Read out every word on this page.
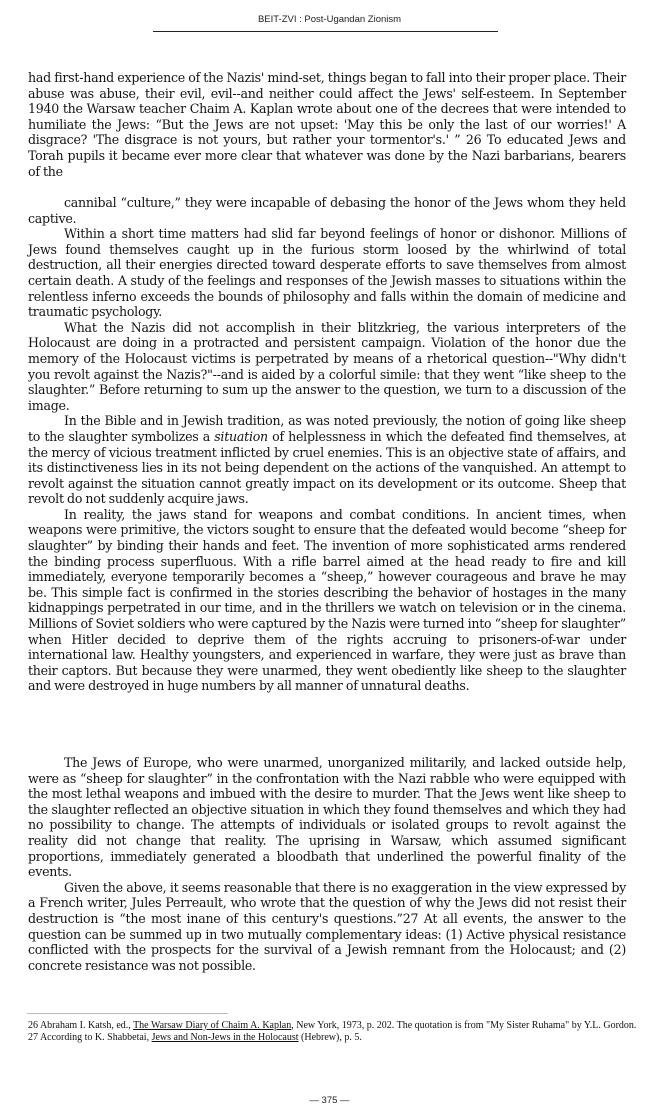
BEIT-ZVI : Post-Ugandan Zionism

had first-hand experience of the Nazis' mind-set, things began to fall into their proper place. Their abuse was abuse, their evil, evil--and neither could affect the Jews' self-esteem. In September 1940 the Warsaw teacher Chaim A. Kaplan wrote about one of the decrees that were intended to humiliate the Jews: “But the Jews are not upset: 'May this be only the last of our worries!' A disgrace? 'The disgrace is not yours, but rather your tormentor's.' ” 26 To educated Jews and Torah pupils it became ever more clear that whatever was done by the Nazi barbarians, bearers of the

cannibal “culture,” they were incapable of debasing the honor of the Jews whom they held captive.

Within a short time matters had slid far beyond feelings of honor or dishonor. Millions of Jews found themselves caught up in the furious storm loosed by the whirlwind of total destruction, all their energies directed toward desperate efforts to save themselves from almost certain death. A study of the feelings and responses of the Jewish masses to situations within the relentless inferno exceeds the bounds of philosophy and falls within the domain of medicine and traumatic psychology.

What the Nazis did not accomplish in their blitzkrieg, the various interpreters of the Holocaust are doing in a protracted and persistent campaign. Violation of the honor due the memory of the Holocaust victims is perpetrated by means of a rhetorical question--"Why didn't you revolt against the Nazis?"--and is aided by a colorful simile: that they went “like sheep to the slaughter.” Before returning to sum up the answer to the question, we turn to a discussion of the image.

In the Bible and in Jewish tradition, as was noted previously, the notion of going like sheep to the slaughter symbolizes a situation of helplessness in which the defeated find themselves, at the mercy of vicious treatment inflicted by cruel enemies. This is an objective state of affairs, and its distinctiveness lies in its not being dependent on the actions of the vanquished. An attempt to revolt against the situation cannot greatly impact on its development or its outcome. Sheep that revolt do not suddenly acquire jaws.

In reality, the jaws stand for weapons and combat conditions. In ancient times, when weapons were primitive, the victors sought to ensure that the defeated would become “sheep for slaughter” by binding their hands and feet. The invention of more sophisticated arms rendered the binding process superfluous. With a rifle barrel aimed at the head ready to fire and kill immediately, everyone temporarily becomes a “sheep,” however courageous and brave he may be. This simple fact is confirmed in the stories describing the behavior of hostages in the many kidnappings perpetrated in our time, and in the thrillers we watch on television or in the cinema. Millions of Soviet soldiers who were captured by the Nazis were turned into “sheep for slaughter” when Hitler decided to deprive them of the rights accruing to prisoners-of-war under international law. Healthy youngsters, and experienced in warfare, they were just as brave than their captors. But because they were unarmed, they went obediently like sheep to the slaughter and were destroyed in huge numbers by all manner of unnatural deaths.

The Jews of Europe, who were unarmed, unorganized militarily, and lacked outside help, were as “sheep for slaughter” in the confrontation with the Nazi rabble who were equipped with the most lethal weapons and imbued with the desire to murder. That the Jews went like sheep to the slaughter reflected an objective situation in which they found themselves and which they had no possibility to change. The attempts of individuals or isolated groups to revolt against the reality did not change that reality. The uprising in Warsaw, which assumed significant proportions, immediately generated a bloodbath that underlined the powerful finality of the events.

Given the above, it seems reasonable that there is no exaggeration in the view expressed by a French writer, Jules Perreault, who wrote that the question of why the Jews did not resist their destruction is “the most inane of this century's questions.”27 At all events, the answer to the question can be summed up in two mutually complementary ideas: (1) Active physical resistance conflicted with the prospects for the survival of a Jewish remnant from the Holocaust; and (2) concrete resistance was not possible.

26 Abraham I. Katsh, ed., The Warsaw Diary of Chaim A. Kaplan, New York, 1973, p. 202. The quotation is from "My Sister Ruhama" by Y.L. Gordon.

27 According to K. Shabbetai, Jews and Non-Jews in the Holocaust (Hebrew), p. 5.

— 375 —
